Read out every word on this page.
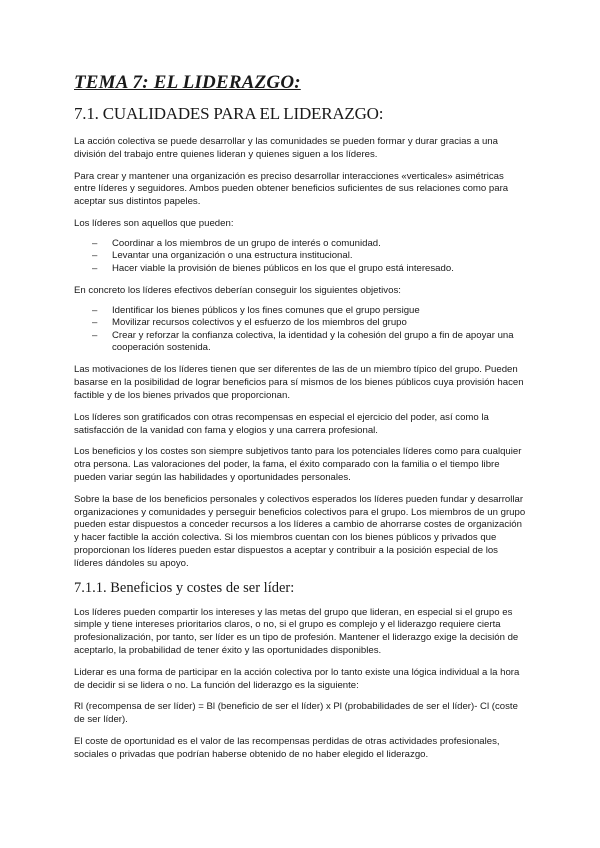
TEMA 7: EL LIDERAZGO:
7.1. CUALIDADES PARA EL LIDERAZGO:

La acción colectiva se puede desarrollar y las comunidades se pueden formar y durar gracias a una división del trabajo entre quienes lideran y quienes siguen a los líderes.

Para crear y mantener una organización es preciso desarrollar interacciones «verticales» asimétricas entre líderes y seguidores. Ambos pueden obtener beneficios suficientes de sus relaciones como para aceptar sus distintos papeles.

Los líderes son aquellos que pueden:

– Coordinar a los miembros de un grupo de interés o comunidad.
– Levantar una organización o una estructura institucional.
– Hacer viable la provisión de bienes públicos en los que el grupo está interesado.

En concreto los líderes efectivos deberían conseguir los siguientes objetivos:

– Identificar los bienes públicos y los fines comunes que el grupo persigue
– Movilizar recursos colectivos y el esfuerzo de los miembros del grupo
– Crear y reforzar la confianza colectiva, la identidad y la cohesión del grupo a fin de apoyar una cooperación sostenida.

Las motivaciones de los líderes tienen que ser diferentes de las de un miembro típico del grupo. Pueden basarse en la posibilidad de lograr beneficios para sí mismos de los bienes públicos cuya provisión hacen factible y de los bienes privados que proporcionan.

Los líderes son gratificados con otras recompensas en especial el ejercicio del poder, así como la satisfacción de la vanidad con fama y elogios y una carrera profesional.

Los beneficios y los costes son siempre subjetivos tanto para los potenciales líderes como para cualquier otra persona. Las valoraciones del poder, la fama, el éxito comparado con la familia o el tiempo libre pueden variar según las habilidades y oportunidades personales.

Sobre la base de los beneficios personales y colectivos esperados los líderes pueden fundar y desarrollar organizaciones y comunidades y perseguir beneficios colectivos para el grupo. Los miembros de un grupo pueden estar dispuestos a conceder recursos a los líderes a cambio de ahorrarse costes de organización y hacer factible la acción colectiva. Si los miembros cuentan con los bienes públicos y privados que proporcionan los líderes pueden estar dispuestos a aceptar y contribuir a la posición especial de los líderes dándoles su apoyo.

7.1.1. Beneficios y costes de ser líder:

Los líderes pueden compartir los intereses y las metas del grupo que lideran, en especial si el grupo es simple y tiene intereses prioritarios claros, o no, si el grupo es complejo y el liderazgo requiere cierta profesionalización, por tanto, ser líder es un tipo de profesión. Mantener el liderazgo exige la decisión de aceptarlo, la probabilidad de tener éxito y las oportunidades disponibles.

Liderar es una forma de participar en la acción colectiva por lo tanto existe una lógica individual a la hora de decidir si se lidera o no. La función del liderazgo es la siguiente:

Rl (recompensa de ser líder) = Bl (beneficio de ser el líder) x Pl (probabilidades de ser el líder)- Cl (coste de ser líder).

El coste de oportunidad es el valor de las recompensas perdidas de otras actividades profesionales, sociales o privadas que podrían haberse obtenido de no haber elegido el liderazgo.
